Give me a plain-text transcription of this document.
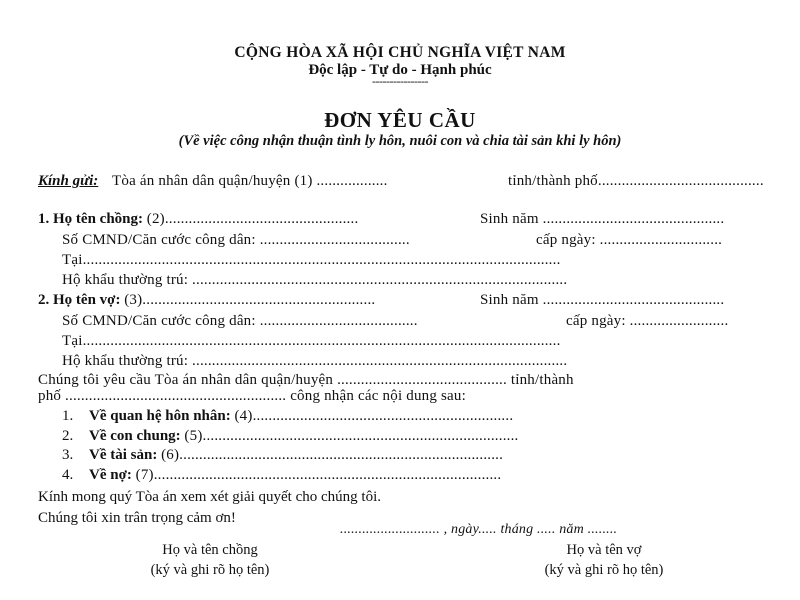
CỘNG HÒA XÃ HỘI CHỦ NGHĨA VIỆT NAM
Độc lập - Tự do - Hạnh phúc
----------------
ĐƠN YÊU CẦU
(Về việc công nhận thuận tình ly hôn, nuôi con và chia tài sản khi ly hôn)
Kính gửi: Tòa án nhân dân quận/huyện (1) ..................	tỉnh/thành phố..........................................
1. Họ tên chồng: (2).................................................	Sinh năm ..............................................
Số CMND/Căn cước công dân: ......................................	cấp ngày: ...............................
Tại.........................................................................................................................
Hộ khẩu thường trú: ...............................................................................................
2. Họ tên vợ: (3)...........................................................	Sinh năm ..............................................
Số CMND/Căn cước công dân: ........................................	cấp ngày: .........................
Tại.........................................................................................................................
Hộ khẩu thường trú: ...............................................................................................
Chúng tôi yêu cầu Tòa án nhân dân quận/huyện ........................................... tỉnh/thành
phố ........................................................ công nhận các nội dung sau:
1. Về quan hệ hôn nhân: (4)..................................................................
2. Về con chung: (5)................................................................................
3. Về tài sản: (6)..................................................................................
4. Về nợ: (7)........................................................................................
Kính mong quý Tòa án xem xét giải quyết cho chúng tôi.
Chúng tôi xin trân trọng cảm ơn!
........................... , ngày..... tháng ..... năm ........
Họ và tên chồng
(ký và ghi rõ họ tên)
Họ và tên vợ
(ký và ghi rõ họ tên)
